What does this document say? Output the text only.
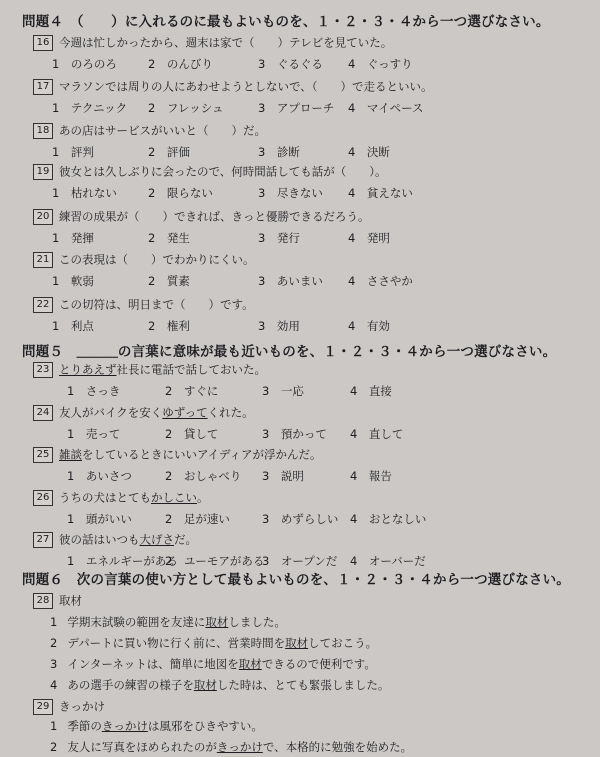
問題４　（　　）に入れるのに最もよいものを、１・２・３・４から一つ選びなさい。
16 今週は忙しかったから、週末は家で（　　）テレビを見ていた。
1　のろのろ	2　のんびり	3　ぐるぐる 4　ぐっすり
17 マラソンでは周りの人にあわせようとしないで、（　　）で走るといい。
1　テクニック 2　フレッシュ	3　アプローチ 4　マイペース
18 あの店はサービスがいいと（　　）だ。
1　評判	2　評価	3　診断	4　決断
19 彼女とは久しぶりに会ったので、何時間話しても話が（　　）。
1　枯れない	2　限らない	3　尽きない 4　貧えない
20 練習の成果が（　　）できれば、きっと優勝できるだろう。
1　発揮	2　発生	3　発行	4　発明
21 この表現は（　　）でわかりにくい。
1　軟弱	2　質素	3　あいまい 4　ささやか
22 この切符は、明日まで（　　）です。
1　利点	2　権利	3　効用	4　有効
問題５　＿＿＿の言葉に意味が最も近いものを、１・２・３・４から一つ選びなさい。
23 とりあえず社長に電話で話しておいた。
1　さっき	2　すぐに	3　一応	4　直接
24 友人がバイクを安くゆずってくれた。
1　売って	2　貸して	3　預かって 4　直して
25 雑談をしているときにいいアイディアが浮かんだ。
1　あいさつ	2　おしゃべり 3　説明	4　報告
26 うちの犬はとてもかしこい。
1　頭がいい	2　足が速い	3　めずらしい 4　おとなしい
27 彼の話はいつも大げさだ。
1　エネルギーがある
2　ユーモアがある
3　オープンだ 4　オーバーだ
問題６　次の言葉の使い方として最もよいものを、１・２・３・４から一つ選びなさい。
28 取材
1 学期末試験の範囲を友達に取材しました。
2 デパートに買い物に行く前に、営業時間を取材しておこう。
3 インターネットは、簡単に地図を取材できるので便利です。
4 あの選手の練習の様子を取材した時は、とても緊張しました。
29 きっかけ
1 季節のきっかけは風邪をひきやすい。
2 友人に写真をほめられたのがきっかけで、本格的に勉強を始めた。
